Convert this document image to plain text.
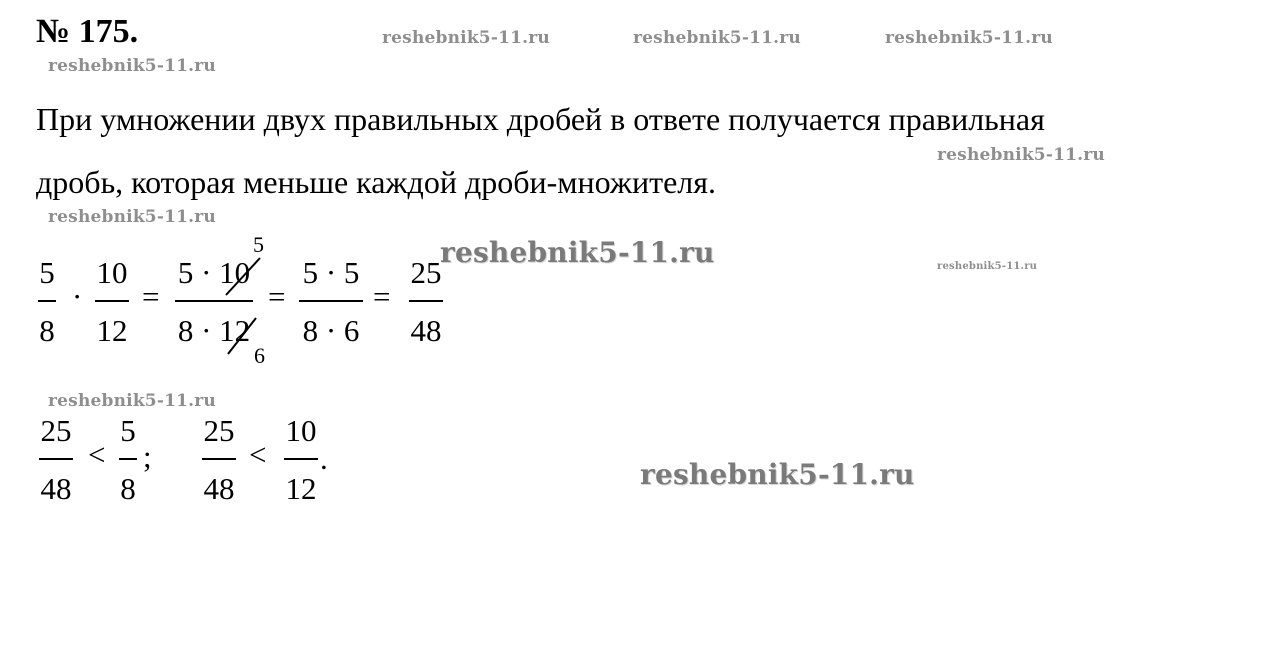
№ 175.	reshebnik5-11.ru	reshebnik5-11.ru	reshebnik5-11.ru
reshebnik5-11.ru
reshebnik5-11.ru
reshebnik5-11.ru
reshebnik5-11.ru	reshebnik5-11.ru
reshebnik5-11.ru
reshebnik5-11.ru
При умножении двух правильных дробей в ответе получается правильная
дробь, которая меньше каждой дроби-множителя.
5
8
·
10
12
=
5 · 10
8 · 12
5
6
=
5 · 5
8 · 6
=
25
48
25
48
<
5
8
;
25
48
<
10
12
.
